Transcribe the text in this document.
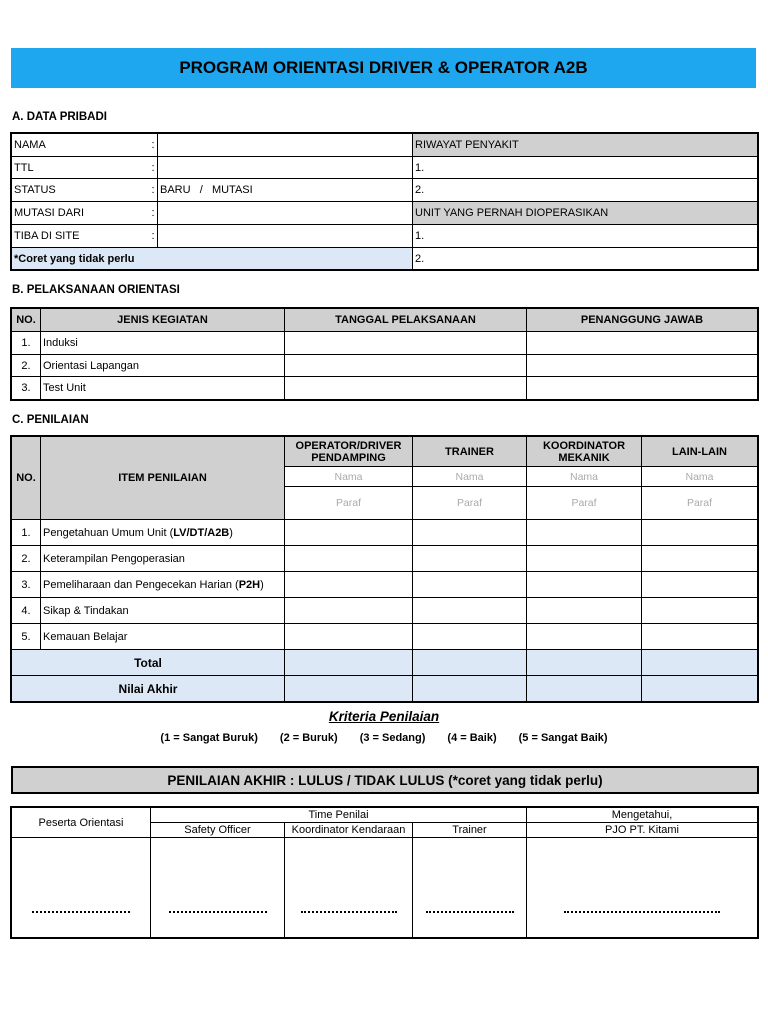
PROGRAM ORIENTASI DRIVER & OPERATOR A2B
A. DATA PRIBADI
NAMA	:		RIWAYAT PENYAKIT
TTL	:		1.
STATUS	:	BARU   /   MUTASI	2.
MUTASI DARI	:		UNIT YANG PERNAH DIOPERASIKAN
TIBA DI SITE	:		1.
*Coret yang tidak perlu			2.
B. PELAKSANAAN ORIENTASI
NO.	JENIS KEGIATAN	TANGGAL PELAKSANAAN	PENANGGUNG JAWAB
1.	Induksi		
2.	Orientasi Lapangan		
3.	Test Unit		
C. PENILAIAN
NO.	ITEM PENILAIAN	OPERATOR/DRIVER PENDAMPING	TRAINER	KOORDINATOR MEKANIK	LAIN-LAIN
		Nama	Nama	Nama	Nama
		Paraf	Paraf	Paraf	Paraf
1.	Pengetahuan Umum Unit (LV/DT/A2B)				
2.	Keterampilan Pengoperasian				
3.	Pemeliharaan dan Pengecekan Harian (P2H)				
4.	Sikap & Tindakan				
5.	Kemauan Belajar				
Total					
Nilai Akhir					
Kriteria Penilaian
(1 = Sangat Buruk) (2 = Buruk) (3 = Sedang) (4 = Baik) (5 = Sangat Baik)
PENILAIAN AKHIR : LULUS / TIDAK LULUS (*coret yang tidak perlu)
Peserta Orientasi	Time Penilai			Mengetahui,
	Safety Officer	Koordinator Kendaraan	Trainer	PJO PT. Kitami
